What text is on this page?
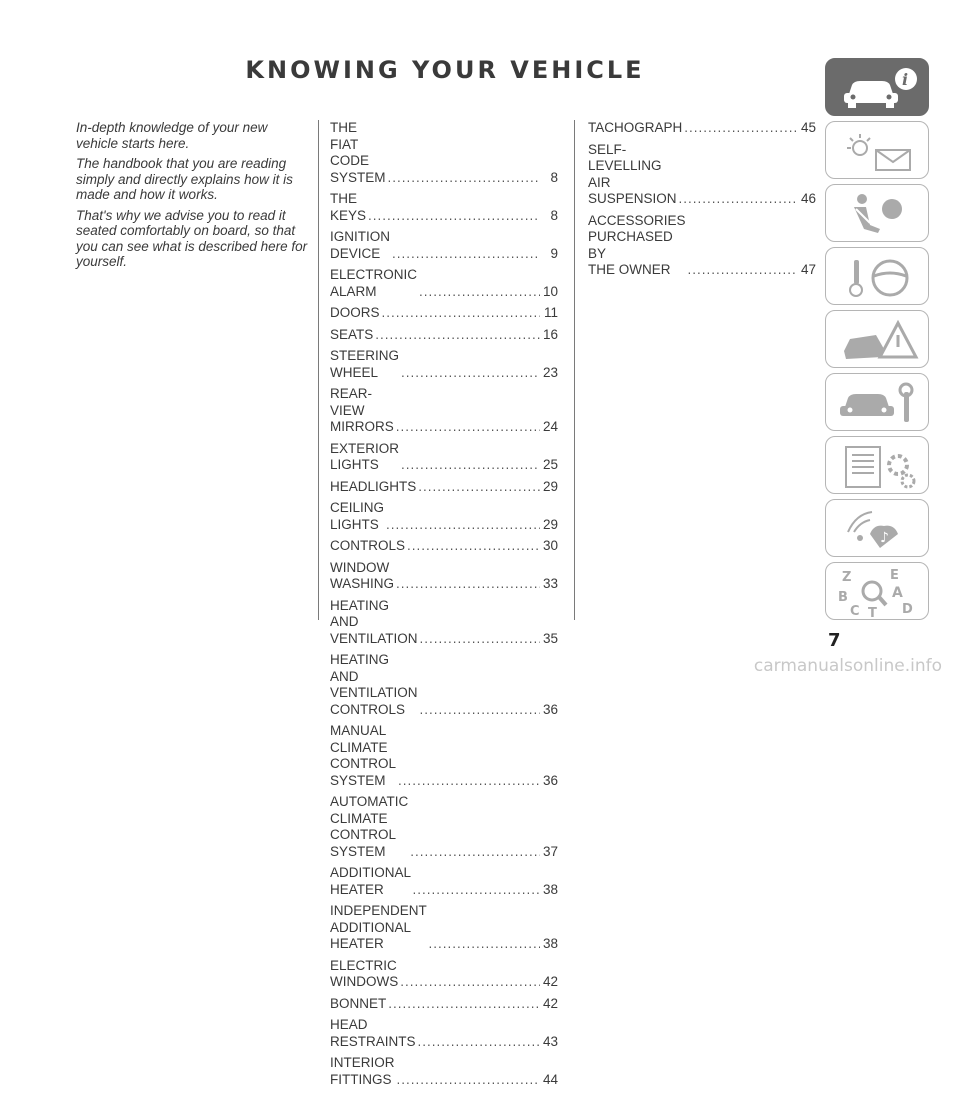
KNOWING YOUR VEHICLE

In-depth knowledge of your new vehicle starts here.

The handbook that you are reading simply and directly explains how it is made and how it works.

That's why we advise you to read it seated comfortably on board, so that you can see what is described here for yourself.

THE FIAT CODE SYSTEM .....	8
THE KEYS .....	8
IGNITION DEVICE .....	9
ELECTRONIC ALARM .....	10
DOORS .....	11
SEATS .....	16
STEERING WHEEL .....	23
REAR-VIEW MIRRORS .....	24
EXTERIOR LIGHTS .....	25
HEADLIGHTS .....	29
CEILING LIGHTS .....	29
CONTROLS .....	30
WINDOW WASHING .....	33
HEATING AND VENTILATION .....	35
HEATING AND VENTILATION
CONTROLS .....	36
MANUAL CLIMATE CONTROL
SYSTEM .....	36
AUTOMATIC CLIMATE
CONTROL SYSTEM .....	37
ADDITIONAL HEATER .....	38
INDEPENDENT ADDITIONAL
HEATER .....	38
ELECTRIC WINDOWS .....	42
BONNET .....	42
HEAD RESTRAINTS .....	43
INTERIOR FITTINGS .....	44
TACHOGRAPH .....	45
SELF-LEVELLING AIR
SUSPENSION .....	46
ACCESSORIES PURCHASED BY
THE OWNER .....	47
i
♪
Z	E
B	A
C T D
7
carmanualsonline.info
